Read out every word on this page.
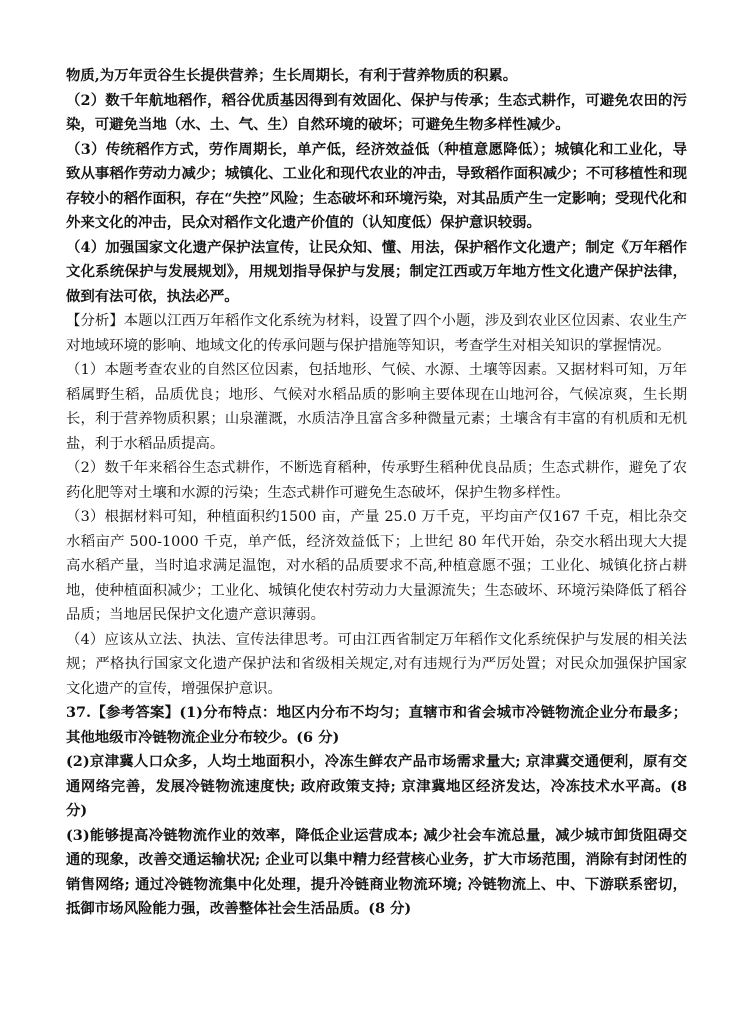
物质,为万年贡谷生长提供营养；生长周期长，有利于营养物质的积累。

（2）数千年航地稻作，稻谷优质基因得到有效固化、保护与传承；生态式耕作，可避免农田的污染，可避免当地（水、土、气、生）自然环境的破坏；可避免生物多样性减少。

（3）传统稻作方式，劳作周期长，单产低，经济效益低（种植意愿降低）；城镇化和工业化，导致从事稻作劳动力减少；城镇化、工业化和现代农业的冲击，导致稻作面积减少；不可移植性和现存较小的稻作面积，存在“失控”风险；生态破坏和环境污染，对其品质产生一定影响；受现代化和外来文化的冲击，民众对稻作文化遗产价值的（认知度低）保护意识较弱。

（4）加强国家文化遗产保护法宣传，让民众知、懂、用法，保护稻作文化遗产；制定《万年稻作文化系统保护与发展规划》，用规划指导保护与发展；制定江西或万年地方性文化遗产保护法律，做到有法可依，执法必严。

【分析】本题以江西万年稻作文化系统为材料，设置了四个小题，涉及到农业区位因素、农业生产对地域环境的影响、地域文化的传承问题与保护措施等知识，考查学生对相关知识的掌握情况。

（1）本题考查农业的自然区位因素，包括地形、气候、水源、土壤等因素。又据材料可知，万年稻属野生稻，品质优良；地形、气候对水稻品质的影响主要体现在山地河谷，气候凉爽，生长期长，利于营养物质积累；山泉灌溉，水质洁净且富含多种微量元素；土壤含有丰富的有机质和无机盐，利于水稻品质提高。

（2）数千年来稻谷生态式耕作，不断选育稻种，传承野生稻种优良品质；生态式耕作，避免了农药化肥等对土壤和水源的污染；生态式耕作可避免生态破坏，保护生物多样性。

（3）根据材料可知，种植面积约1500 亩，产量 25.0 万千克，平均亩产仅167 千克，相比杂交水稻亩产 500-1000 千克，单产低，经济效益低下；上世纪 80 年代开始，杂交水稻出现大大提高水稻产量，当时追求满足温饱，对水稻的品质要求不高,种植意愿不强；工业化、城镇化挤占耕地，使种植面积减少；工业化、城镇化使农村劳动力大量源流失；生态破坏、环境污染降低了稻谷品质；当地居民保护文化遗产意识薄弱。

（4）应该从立法、执法、宣传法律思考。可由江西省制定万年稻作文化系统保护与发展的相关法规；严格执行国家文化遗产保护法和省级相关规定,对有违规行为严厉处置；对民众加强保护国家文化遗产的宣传，增强保护意识。

37.【参考答案】(1)分布特点：地区内分布不均匀；直辖市和省会城市冷链物流企业分布最多；其他地级市冷链物流企业分布较少。(6 分)

(2)京津冀人口众多，人均土地面积小，冷冻生鲜农产品市场需求量大; 京津冀交通便利，原有交通网络完善，发展冷链物流速度快; 政府政策支持; 京津冀地区经济发达，冷冻技术水平高。(8 分)

(3)能够提高冷链物流作业的效率，降低企业运营成本; 减少社会车流总量，减少城市卸货阻碍交通的现象，改善交通运输状况; 企业可以集中精力经营核心业务，扩大市场范围，消除有封闭性的销售网络; 通过冷链物流集中化处理，提升冷链商业物流环境; 冷链物流上、中、下游联系密切，抵御市场风险能力强，改善整体社会生活品质。(8 分)
